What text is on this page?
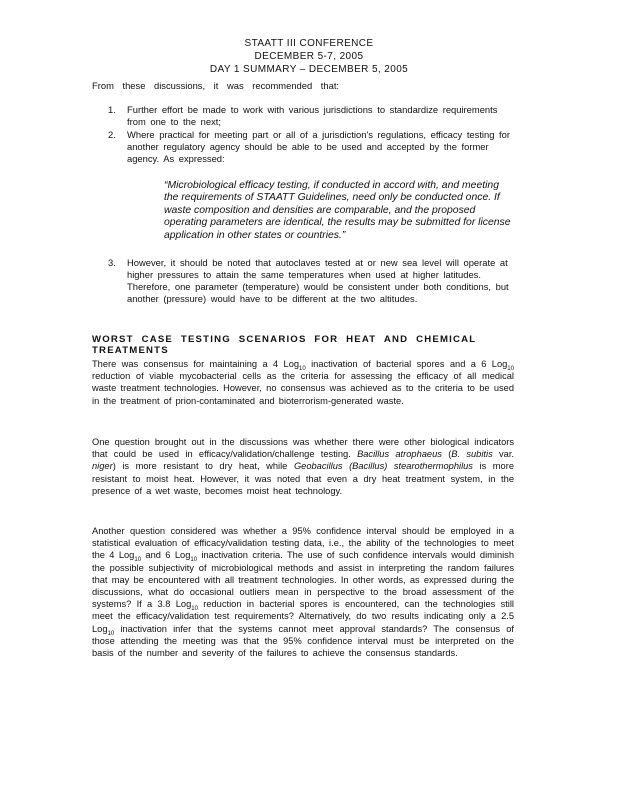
STAATT III CONFERENCE
DECEMBER 5-7, 2005
DAY 1 SUMMARY – DECEMBER 5, 2005
From these discussions, it was recommended that:
1. Further effort be made to work with various jurisdictions to standardize requirements from one to the next;
2. Where practical for meeting part or all of a jurisdiction's regulations, efficacy testing for another regulatory agency should be able to be used and accepted by the former agency. As expressed:
“Microbiological efficacy testing, if conducted in accord with, and meeting the requirements of STAATT Guidelines, need only be conducted once. If waste composition and densities are comparable, and the proposed operating parameters are identical, the results may be submitted for license application in other states or countries.”
3. However, it should be noted that autoclaves tested at or new sea level will operate at higher pressures to attain the same temperatures when used at higher latitudes. Therefore, one parameter (temperature) would be consistent under both conditions, but another (pressure) would have to be different at the two altitudes.
WORST CASE TESTING SCENARIOS FOR HEAT AND CHEMICAL TREATMENTS
There was consensus for maintaining a 4 Log$_{10}$ inactivation of bacterial spores and a 6 Log$_{10}$ reduction of viable mycobacterial cells as the criteria for assessing the efficacy of all medical waste treatment technologies. However, no consensus was achieved as to the criteria to be used in the treatment of prion-contaminated and bioterrorism-generated waste.
One question brought out in the discussions was whether there were other biological indicators that could be used in efficacy/validation/challenge testing. Bacillus atrophaeus (B. subitis var. niger) is more resistant to dry heat, while Geobacillus (Bacillus) stearothermophilus is more resistant to moist heat. However, it was noted that even a dry heat treatment system, in the presence of a wet waste, becomes moist heat technology.
Another question considered was whether a 95% confidence interval should be employed in a statistical evaluation of efficacy/validation testing data, i.e., the ability of the technologies to meet the 4 Log$_{10}$ and 6 Log$_{10}$ inactivation criteria. The use of such confidence intervals would diminish the possible subjectivity of microbiological methods and assist in interpreting the random failures that may be encountered with all treatment technologies. In other words, as expressed during the discussions, what do occasional outliers mean in perspective to the broad assessment of the systems? If a 3.8 Log$_{10}$ reduction in bacterial spores is encountered, can the technologies still meet the efficacy/validation test requirements? Alternatively, do two results indicating only a 2.5 Log$_{10}$ inactivation infer that the systems cannot meet approval standards? The consensus of those attending the meeting was that the 95% confidence interval must be interpreted on the basis of the number and severity of the failures to achieve the consensus standards.
